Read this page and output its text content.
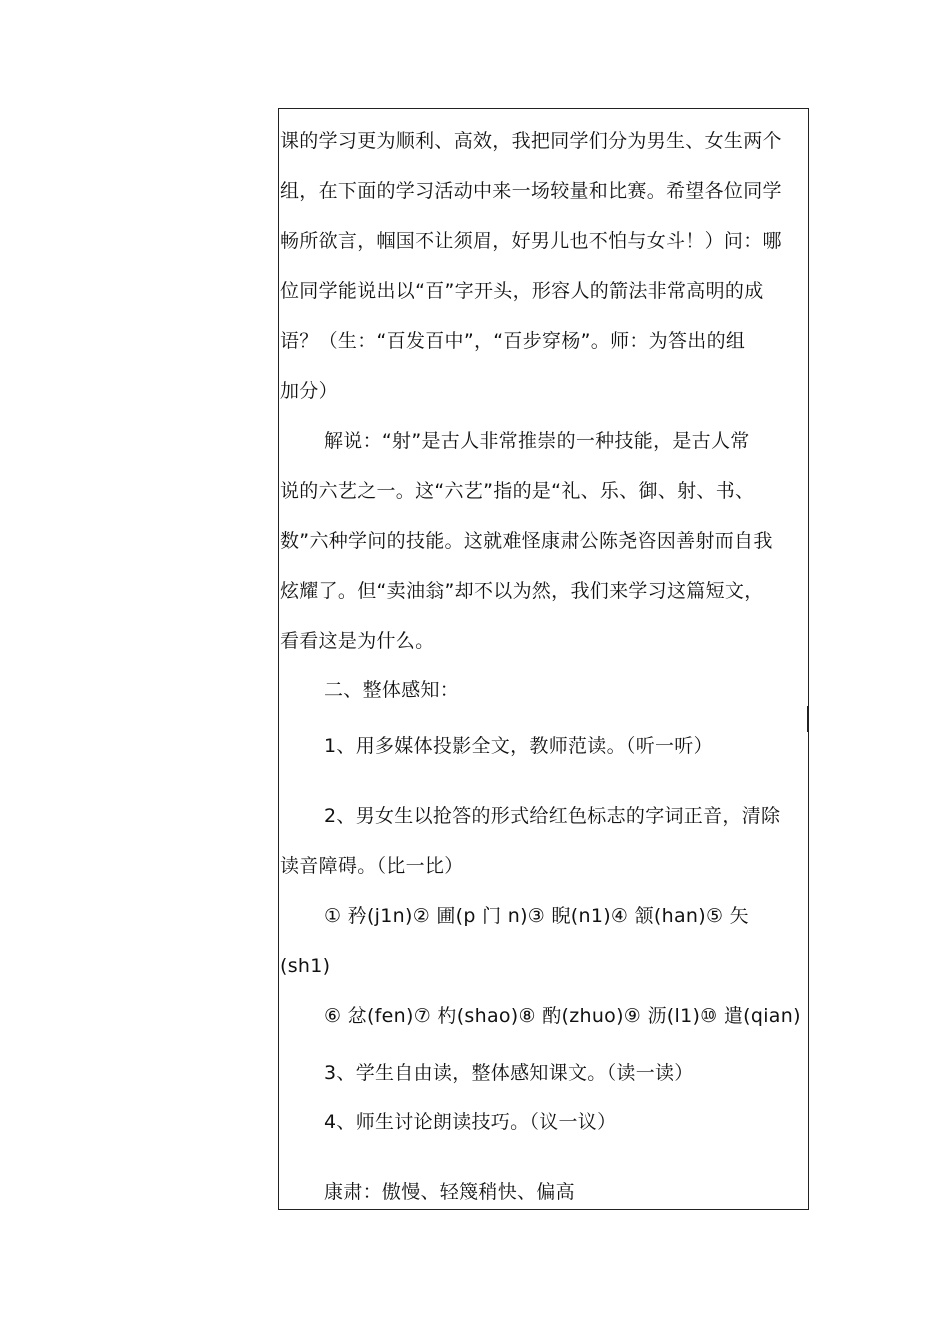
课的学习更为顺利、高效，我把同学们分为男生、女生两个
组，在下面的学习活动中来一场较量和比赛。希望各位同学
畅所欲言，帼国不让须眉，好男儿也不怕与女斗！）问：哪
位同学能说出以“百”字开头，形容人的箭法非常高明的成
语？（生：“百发百中”，“百步穿杨”。师：为答出的组
加分）
解说：“射”是古人非常推崇的一种技能，是古人常
说的六艺之一。这“六艺”指的是“礼、乐、御、射、书、
数”六种学问的技能。这就难怪康肃公陈尧咨因善射而自我
炫耀了。但“卖油翁”却不以为然，我们来学习这篇短文，
看看这是为什么。
二、整体感知：
1、用多媒体投影全文，教师范读。（听一听）
2、男女生以抢答的形式给红色标志的字词正音，清除
读音障碍。（比一比）
① 矜(j1n)② 圃(p 门 n)③ 睨(n1)④ 颔(han)⑤ 矢
(sh1)
⑥ 忿(fen)⑦ 杓(shao)⑧ 酌(zhuo)⑨ 沥(l1)⑩ 遣(qian)
3、学生自由读，整体感知课文。（读一读）
4、师生讨论朗读技巧。（议一议）
康肃：傲慢、轻篾稍快、偏高
